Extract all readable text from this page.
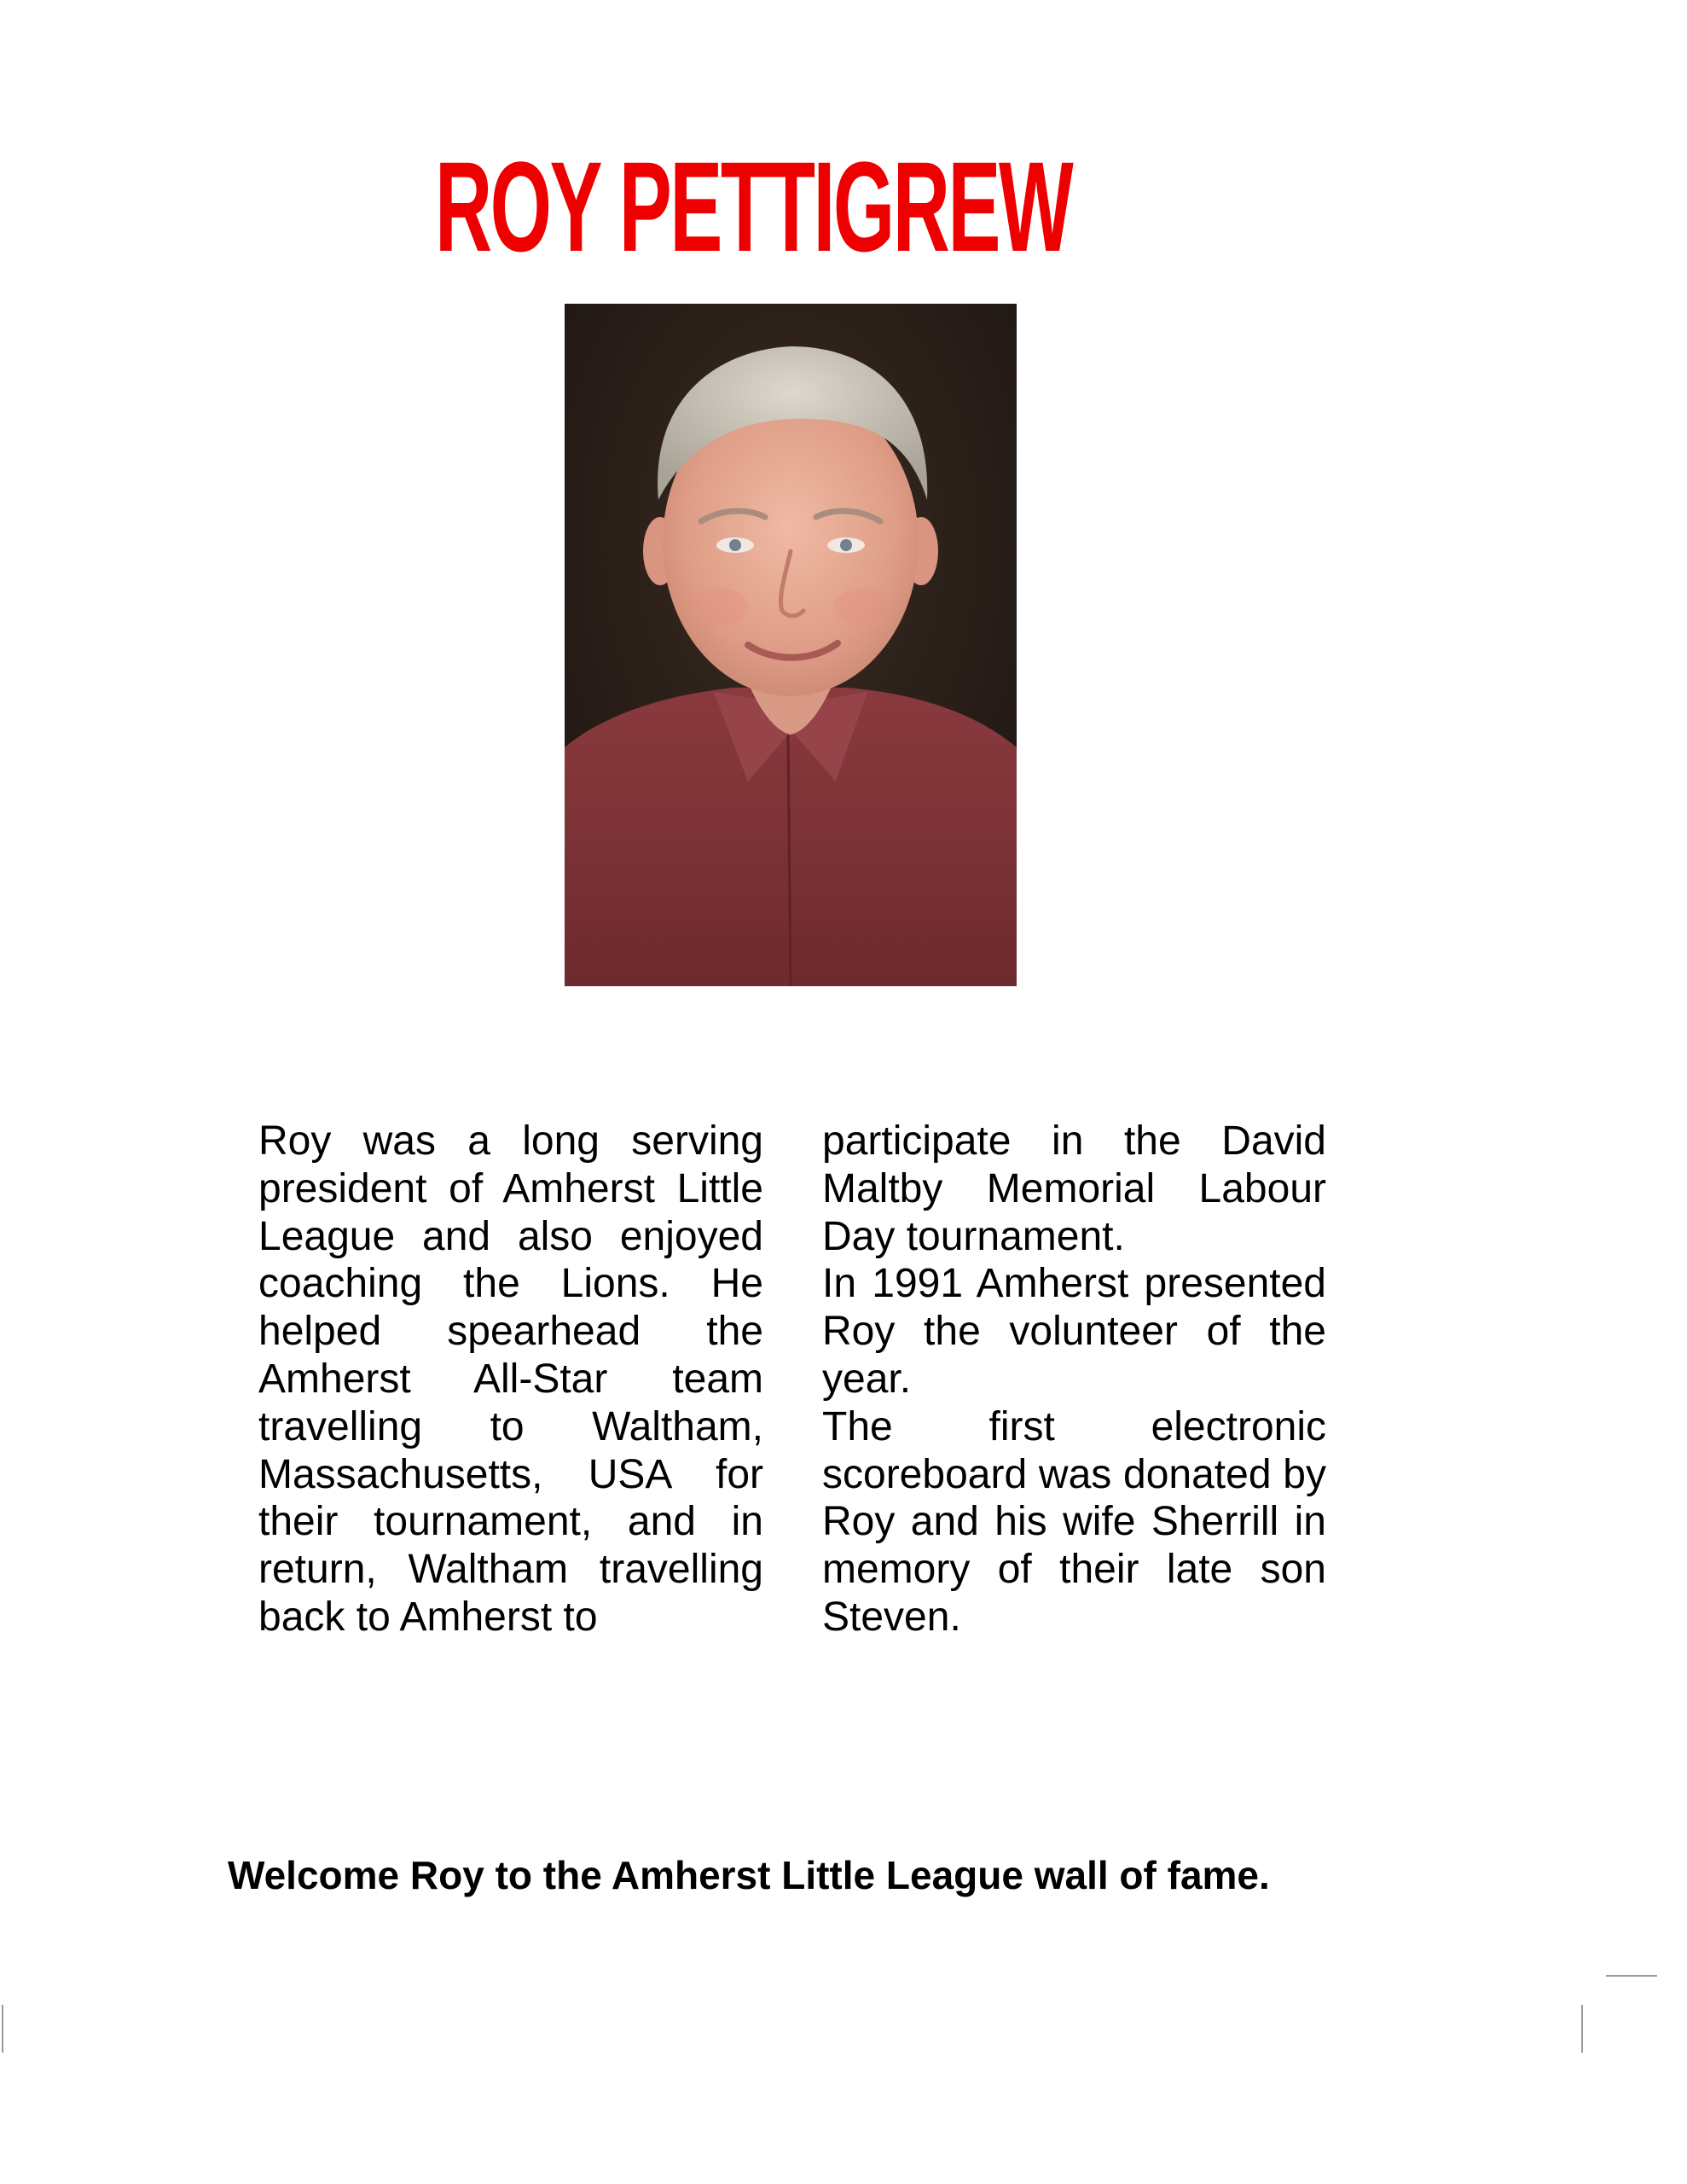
ROY PETTIGREW

Roy was a long serving president of Amherst Little League and also enjoyed coaching the Lions. He helped spearhead the Amherst All-Star team travelling to Waltham, Massachusetts, USA for their tournament, and in return, Waltham travelling back to Amherst to

participate in the David Maltby Memorial Labour Day tournament.

In 1991 Amherst presented Roy the volunteer of the year.

The first electronic scoreboard was donated by Roy and his wife Sherrill in memory of their late son Steven.

Welcome Roy to the Amherst Little League wall of fame.
